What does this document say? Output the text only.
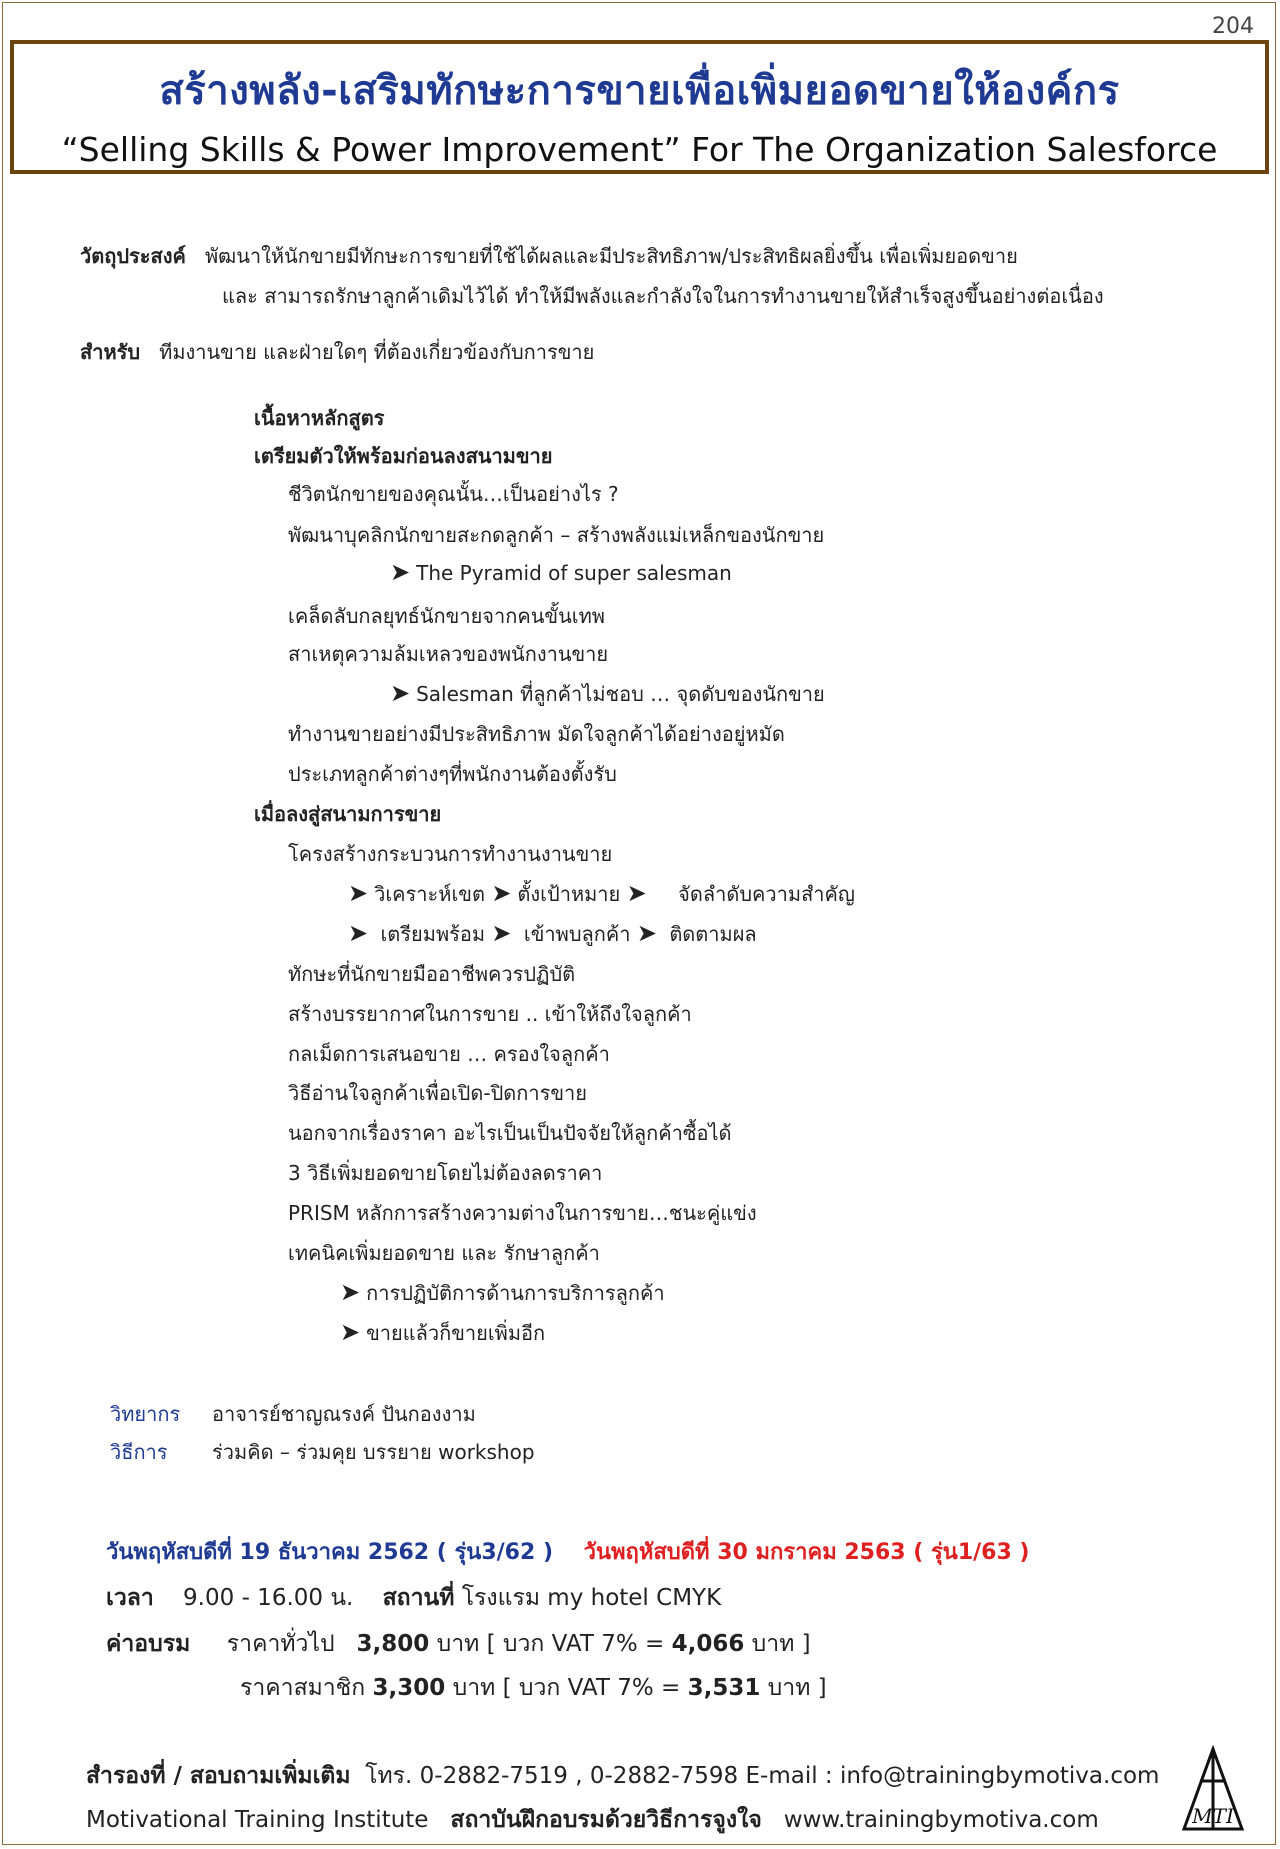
204
สร้างพลัง-เสริมทักษะการขายเพื่อเพิ่มยอดขายให้องค์กร
“Selling Skills & Power Improvement” For The Organization Salesforce
วัตถุประสงค์ พัฒนาให้นักขายมีทักษะการขายที่ใช้ได้ผลและมีประสิทธิภาพ/ประสิทธิผลยิ่งขึ้น เพื่อเพิ่มยอดขาย
และ สามารถรักษาลูกค้าเดิมไว้ได้ ทำให้มีพลังและกำลังใจในการทำงานขายให้สำเร็จสูงขึ้นอย่างต่อเนื่อง
สำหรับ ทีมงานขาย และฝ่ายใดๆ ที่ต้องเกี่ยวข้องกับการขาย
เนื้อหาหลักสูตร
เตรียมตัวให้พร้อมก่อนลงสนามขาย
ชีวิตนักขายของคุณนั้น…เป็นอย่างไร ?
พัฒนาบุคลิกนักขายสะกดลูกค้า – สร้างพลังแม่เหล็กของนักขาย
➤ The Pyramid of super salesman
เคล็ดลับกลยุทธ์นักขายจากคนขั้นเทพ
สาเหตุความล้มเหลวของพนักงานขาย
➤ Salesman ที่ลูกค้าไม่ชอบ … จุดดับของนักขาย
ทำงานขายอย่างมีประสิทธิภาพ มัดใจลูกค้าได้อย่างอยู่หมัด
ประเภทลูกค้าต่างๆที่พนักงานต้องตั้งรับ
เมื่อลงสู่สนามการขาย
โครงสร้างกระบวนการทำงานงานขาย
➤ วิเคราะห์เขต ➤ ตั้งเป้าหมาย ➤ จัดลำดับความสำคัญ
➤ เตรียมพร้อม ➤ เข้าพบลูกค้า ➤ ติดตามผล
ทักษะที่นักขายมืออาชีพควรปฏิบัติ
สร้างบรรยากาศในการขาย .. เข้าให้ถึงใจลูกค้า
กลเม็ดการเสนอขาย … ครองใจลูกค้า
วิธีอ่านใจลูกค้าเพื่อเปิด-ปิดการขาย
นอกจากเรื่องราคา อะไรเป็นเป็นปัจจัยให้ลูกค้าซื้อได้
3 วิธีเพิ่มยอดขายโดยไม่ต้องลดราคา
PRISM หลักการสร้างความต่างในการขาย…ชนะคู่แข่ง
เทคนิคเพิ่มยอดขาย และ รักษาลูกค้า
➤ การปฏิบัติการด้านการบริการลูกค้า
➤ ขายแล้วก็ขายเพิ่มอีก
วิทยากร อาจารย์ชาญณรงค์ ปันกองงาม
วิธีการ ร่วมคิด – ร่วมคุย บรรยาย workshop
วันพฤหัสบดีที่ 19 ธันวาคม 2562 ( รุ่น3/62 ) วันพฤหัสบดีที่ 30 มกราคม 2563 ( รุ่น1/63 )
เวลา 9.00 - 16.00 น. สถานที่ โรงแรม my hotel CMYK
ค่าอบรม ราคาทั่วไป 3,800 บาท [ บวก VAT 7% = 4,066 บาท ]
ราคาสมาชิก 3,300 บาท [ บวก VAT 7% = 3,531 บาท ]
สำรองที่ / สอบถามเพิ่มเติม โทร. 0-2882-7519 , 0-2882-7598 E-mail : info@trainingbymotiva.com
Motivational Training Institute สถาบันฝึกอบรมด้วยวิธีการจูงใจ www.trainingbymotiva.com	MTI
